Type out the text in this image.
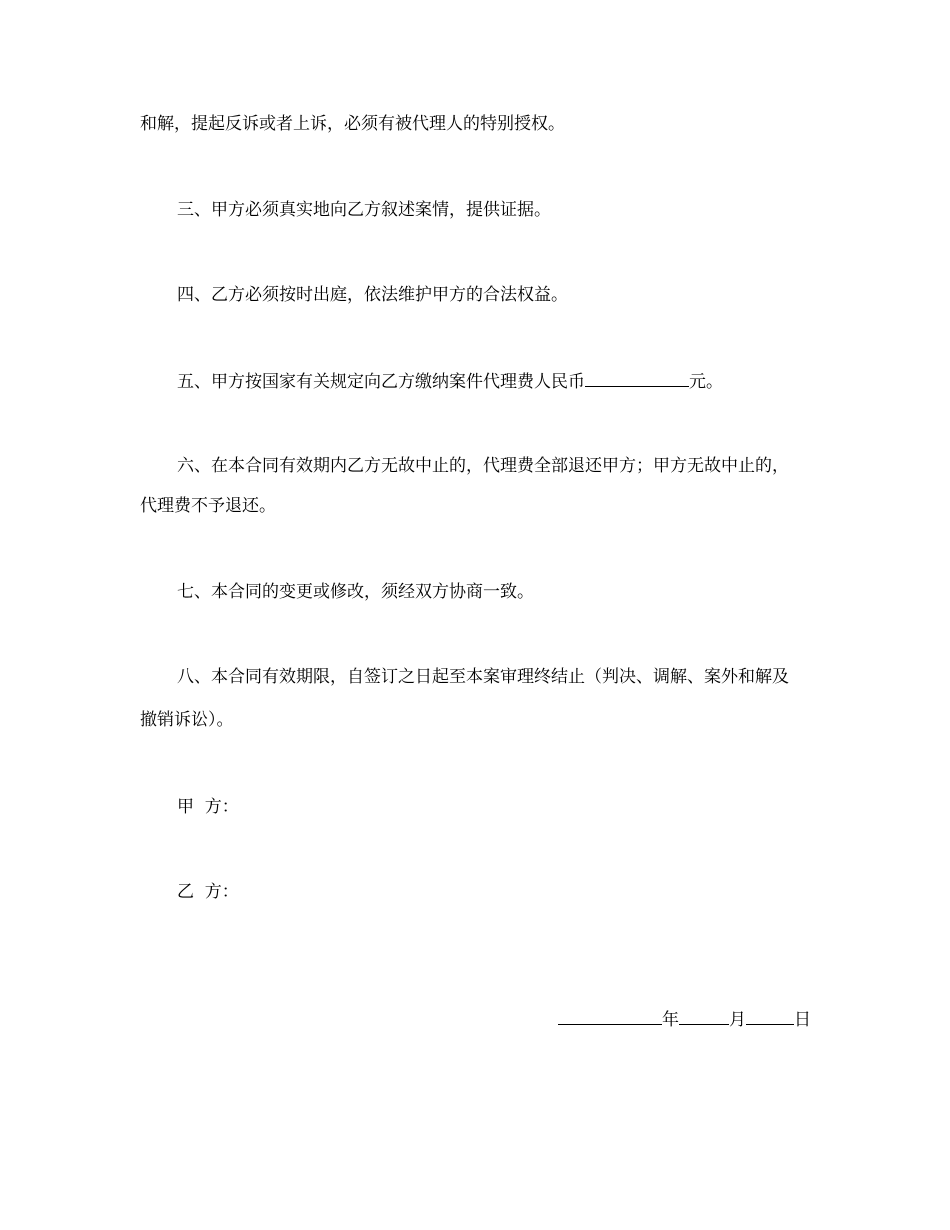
和解，提起反诉或者上诉，必须有被代理人的特别授权。
三、甲方必须真实地向乙方叙述案情，提供证据。
四、乙方必须按时出庭，依法维护甲方的合法权益。
五、甲方按国家有关规定向乙方缴纳案件代理费人民币	元。
六、在本合同有效期内乙方无故中止的，代理费全部退还甲方；甲方无故中止的，
代理费不予退还。
七、本合同的变更或修改，须经双方协商一致。
八、本合同有效期限，自签订之日起至本案审理终结止（判决、调解、案外和解及
撤销诉讼）。
甲  方：
乙  方：
年	月	日
